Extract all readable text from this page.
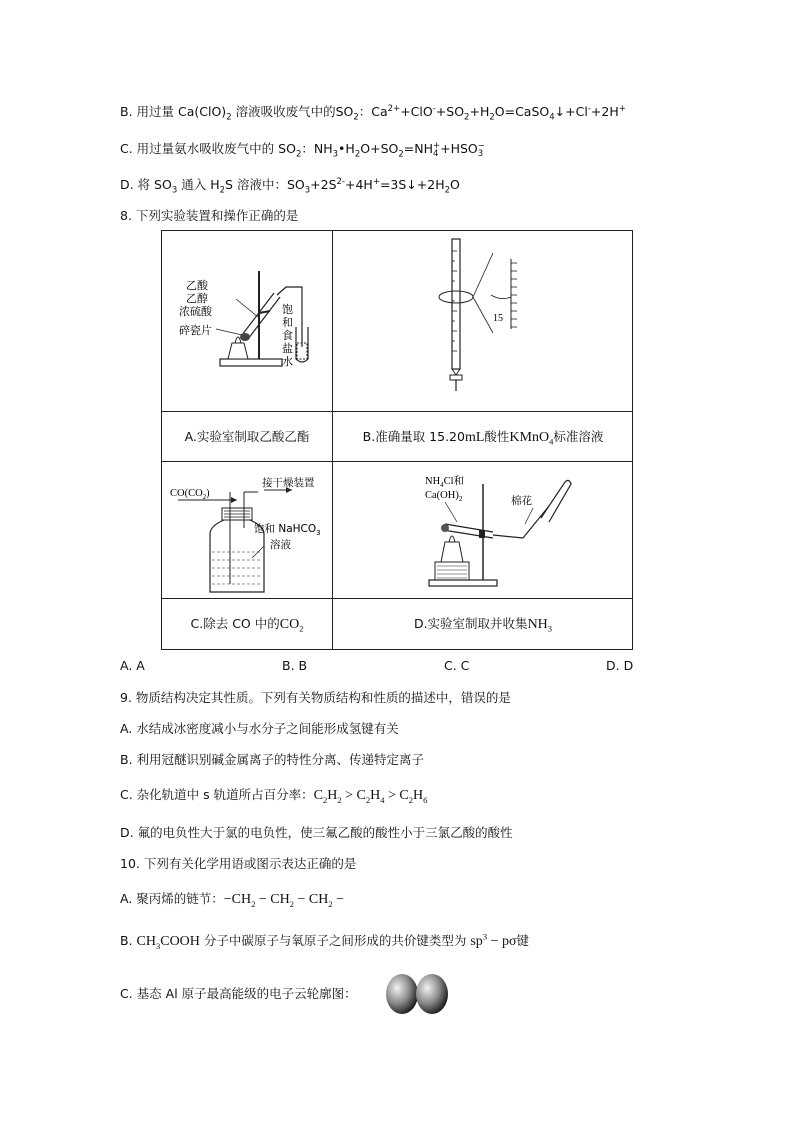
B. 用过量 $Ca(ClO)_2$ 溶液吸收废气中的$SO_2$：$Ca^{2+}+ClO^-+SO_2+H_2O=CaSO_4↓+Cl^-+2H^+$
C. 用过量氨水吸收废气中的 $SO_2$：$NH_3•H_2O+SO_2=NH+$
4 +HSO−
3
D. 将 $SO_3$ 通入 $H_2S$ 溶液中：$SO_3+2S^{2-}+4H^+=3S↓+2H_2O$
8. 下列实验装置和操作正确的是
乙酸
乙醇
浓硫酸
碎瓷片
饱
和
食
盐
水
15
A.实验室制取乙酸乙酯	B.准确量取 15.20mL酸性KMnO$_4$标准溶液
$CO(CO_2)$
接干燥装置
饱和 NaHCO$_3$
溶液
$NH_4Cl$和
$Ca(OH)_2$	棉花
C.除去 CO 中的$CO_2$	D.实验室制取并收集$NH_3$
A. A	B. B	C. C	D. D
9. 物质结构决定其性质。下列有关物质结构和性质的描述中，错误的是
A. 水结成冰密度减小与水分子之间能形成氢键有关
B. 利用冠醚识别碱金属离子的特性分离、传递特定离子
C. 杂化轨道中 s 轨道所占百分率：$C_2H_2 > C_2H_4 > C_2H_6$
D. 氟的电负性大于氯的电负性，使三氟乙酸的酸性小于三氯乙酸的酸性
10. 下列有关化学用语或图示表达正确的是
A. 聚丙烯的链节：$-CH_2 - CH_2 - CH_2$ −
B. $CH_3COOH$ 分子中碳原子与氧原子之间形成的共价键类型为 $sp^3 - p\sigma$键
C. 基态 Al 原子最高能级的电子云轮廓图：
